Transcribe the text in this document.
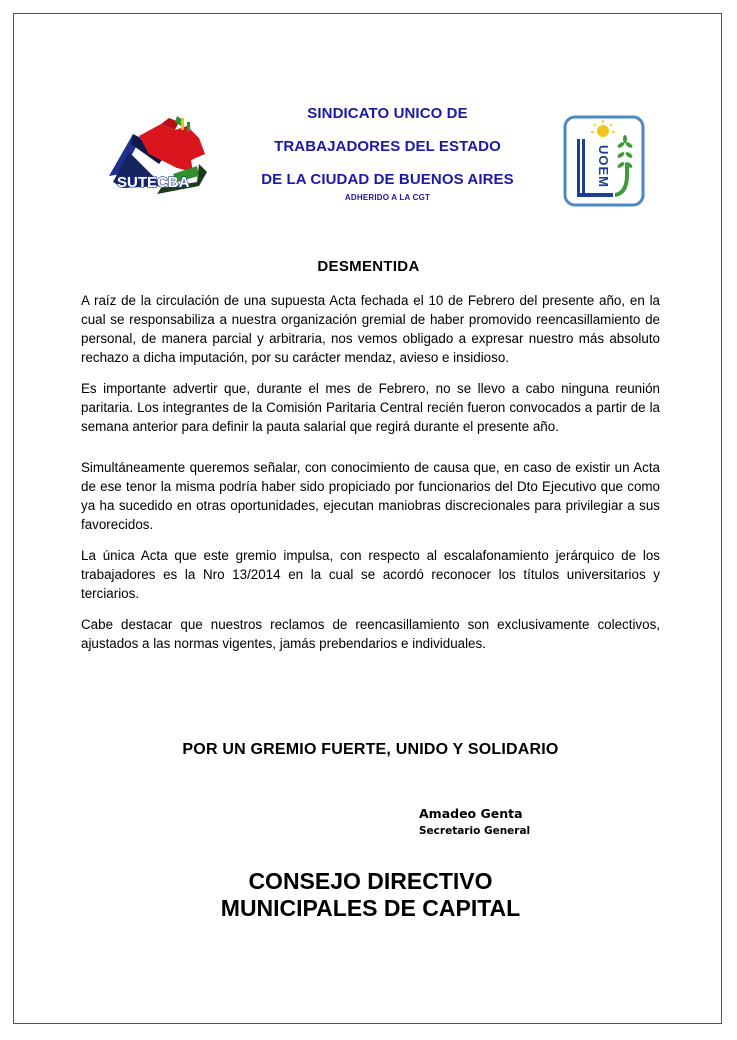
SUTECBA
SINDICATO UNICO DE
TRABAJADORES DEL ESTADO
DE LA CIUDAD DE BUENOS AIRES
ADHERIDO A LA CGT
UOEM
DESMENTIDA

A raíz de la circulación de una supuesta Acta fechada el 10 de Febrero del presente año, en la cual se responsabiliza a nuestra organización gremial de haber promovido reencasillamiento de personal, de manera parcial y arbitraria, nos vemos obligado a expresar nuestro más absoluto rechazo a dicha imputación, por su carácter mendaz, avieso e insidioso.

Es importante advertir que, durante el mes de Febrero, no se llevo a cabo ninguna reunión paritaria. Los integrantes de la Comisión Paritaria Central recién fueron convocados a partir de la semana anterior para definir la pauta salarial que regirá durante el presente año.

Simultáneamente queremos señalar, con conocimiento de causa que, en caso de existir un Acta de ese tenor la misma podría haber sido propiciado por funcionarios del Dto Ejecutivo que como ya ha sucedido en otras oportunidades, ejecutan maniobras discrecionales para privilegiar a sus favorecidos.

La única Acta que este gremio impulsa, con respecto al escalafonamiento jerárquico de los trabajadores es la Nro 13/2014 en la cual se acordó reconocer los títulos universitarios y terciarios.

Cabe destacar que nuestros reclamos de reencasillamiento son exclusivamente colectivos, ajustados a las normas vigentes, jamás prebendarios e individuales.

POR UN GREMIO FUERTE, UNIDO Y SOLIDARIO
Amadeo Genta
Secretario General
CONSEJO DIRECTIVO
MUNICIPALES DE CAPITAL
